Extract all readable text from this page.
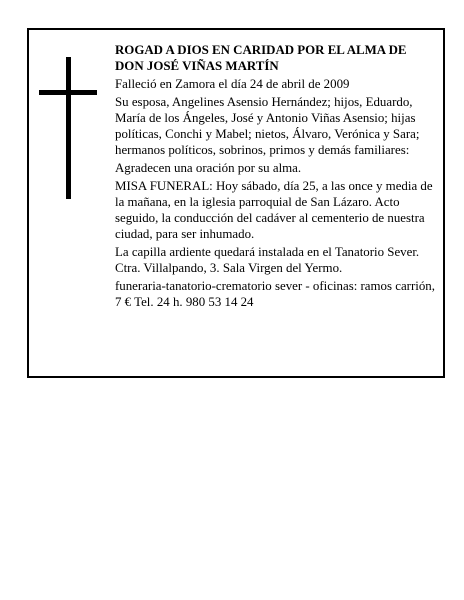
ROGAD A DIOS EN CARIDAD POR EL ALMA DE DON JOSÉ VIÑAS MARTÍN

Falleció en Zamora el día 24 de abril de 2009

Su esposa, Angelines Asensio Hernández; hijos, Eduardo, María de los Ángeles, José y Antonio Viñas Asensio; hijas políticas, Conchi y Mabel; nietos, Álvaro, Verónica y Sara; hermanos políticos, sobrinos, primos y demás familiares:

Agradecen una oración por su alma.

MISA FUNERAL: Hoy sábado, día 25, a las once y media de la mañana, en la iglesia parroquial de San Lázaro. Acto seguido, la conducción del cadáver al cementerio de nuestra ciudad, para ser inhumado.

La capilla ardiente quedará instalada en el Tanatorio Sever. Ctra. Villalpando, 3. Sala Virgen del Yermo.

funeraria-tanatorio-crematorio sever - oficinas: ramos carrión, 7 € Tel. 24 h. 980 53 14 24
